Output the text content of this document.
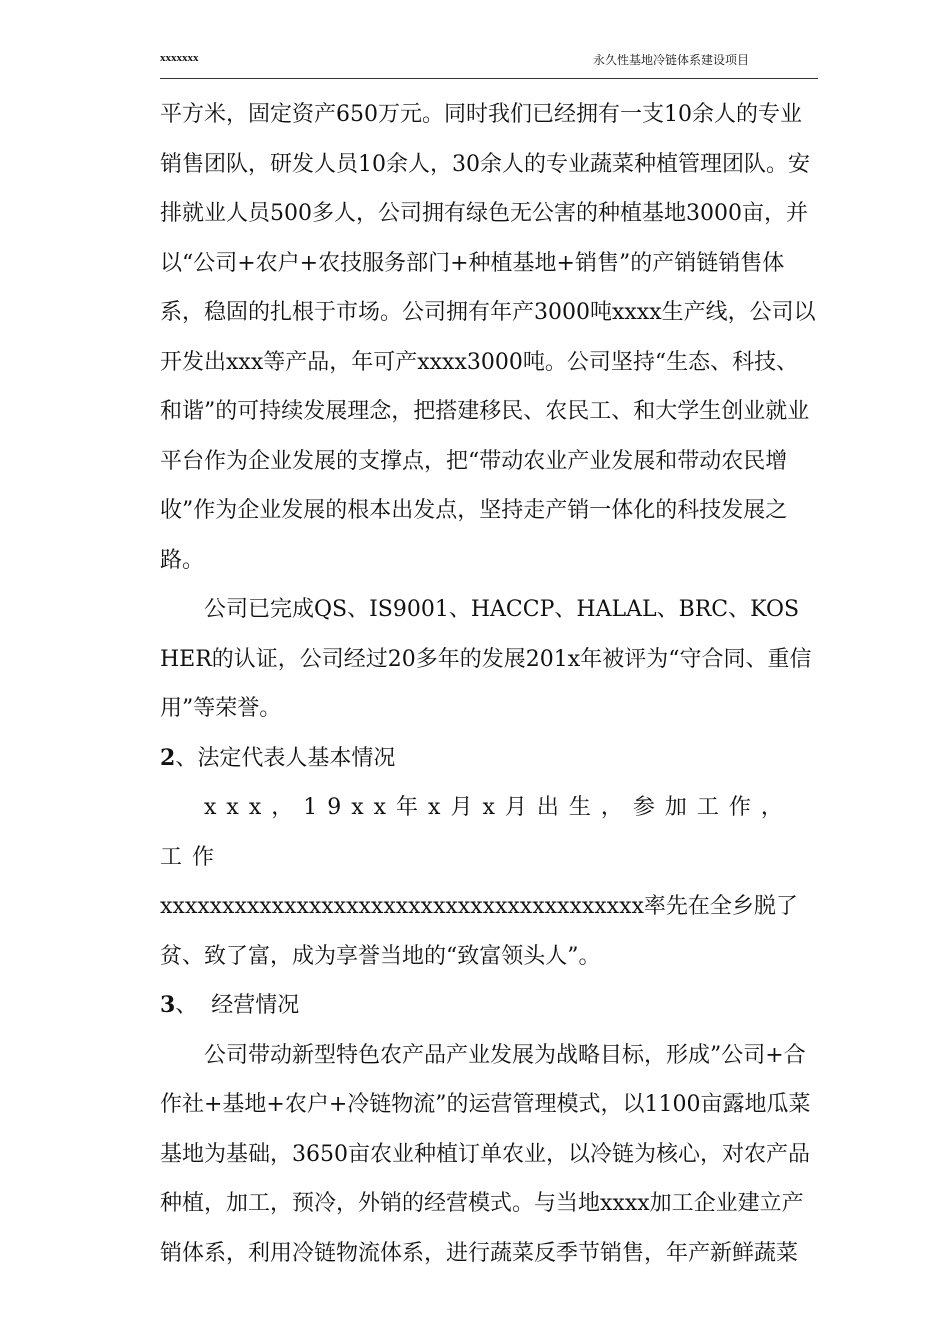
xxxxxxx	永久性基地冷链体系建设项目

平方米，固定资产650万元。同时我们已经拥有一支10余人的专业销售团队，研发人员10余人，30余人的专业蔬菜种植管理团队。安排就业人员500多人，公司拥有绿色无公害的种植基地3000亩，并以“公司+农户+农技服务部门+种植基地+销售”的产销链销售体系，稳固的扎根于市场。公司拥有年产3000吨xxxx生产线，公司以开发出xxx等产品，年可产xxxx3000吨。公司坚持“生态、科技、和谐”的可持续发展理念，把搭建移民、农民工、和大学生创业就业平台作为企业发展的支撑点，把“带动农业产业发展和带动农民增收”作为企业发展的根本出发点，坚持走产销一体化的科技发展之路。

公司已完成QS、IS9001、HACCP、HALAL、BRC、KOSHER的认证，公司经过20多年的发展201x年被评为“守合同、重信用”等荣誉。

2、法定代表人基本情况

xxx，19xx年x月x月出生，参加工作，工作

xxxxxxxxxxxxxxxxxxxxxxxxxxxxxxxxxxxxxxx率先在全乡脱了贫、致了富，成为享誉当地的“致富领头人”。

3、  经营情况

公司带动新型特色农产品产业发展为战略目标，形成”公司+合作社+基地+农户+冷链物流”的运营管理模式，以1100亩露地瓜菜基地为基础，3650亩农业种植订单农业，以冷链为核心，对农产品种植，加工，预冷，外销的经营模式。与当地xxxx加工企业建立产销体系，利用冷链物流体系，进行蔬菜反季节销售，年产新鲜蔬菜
